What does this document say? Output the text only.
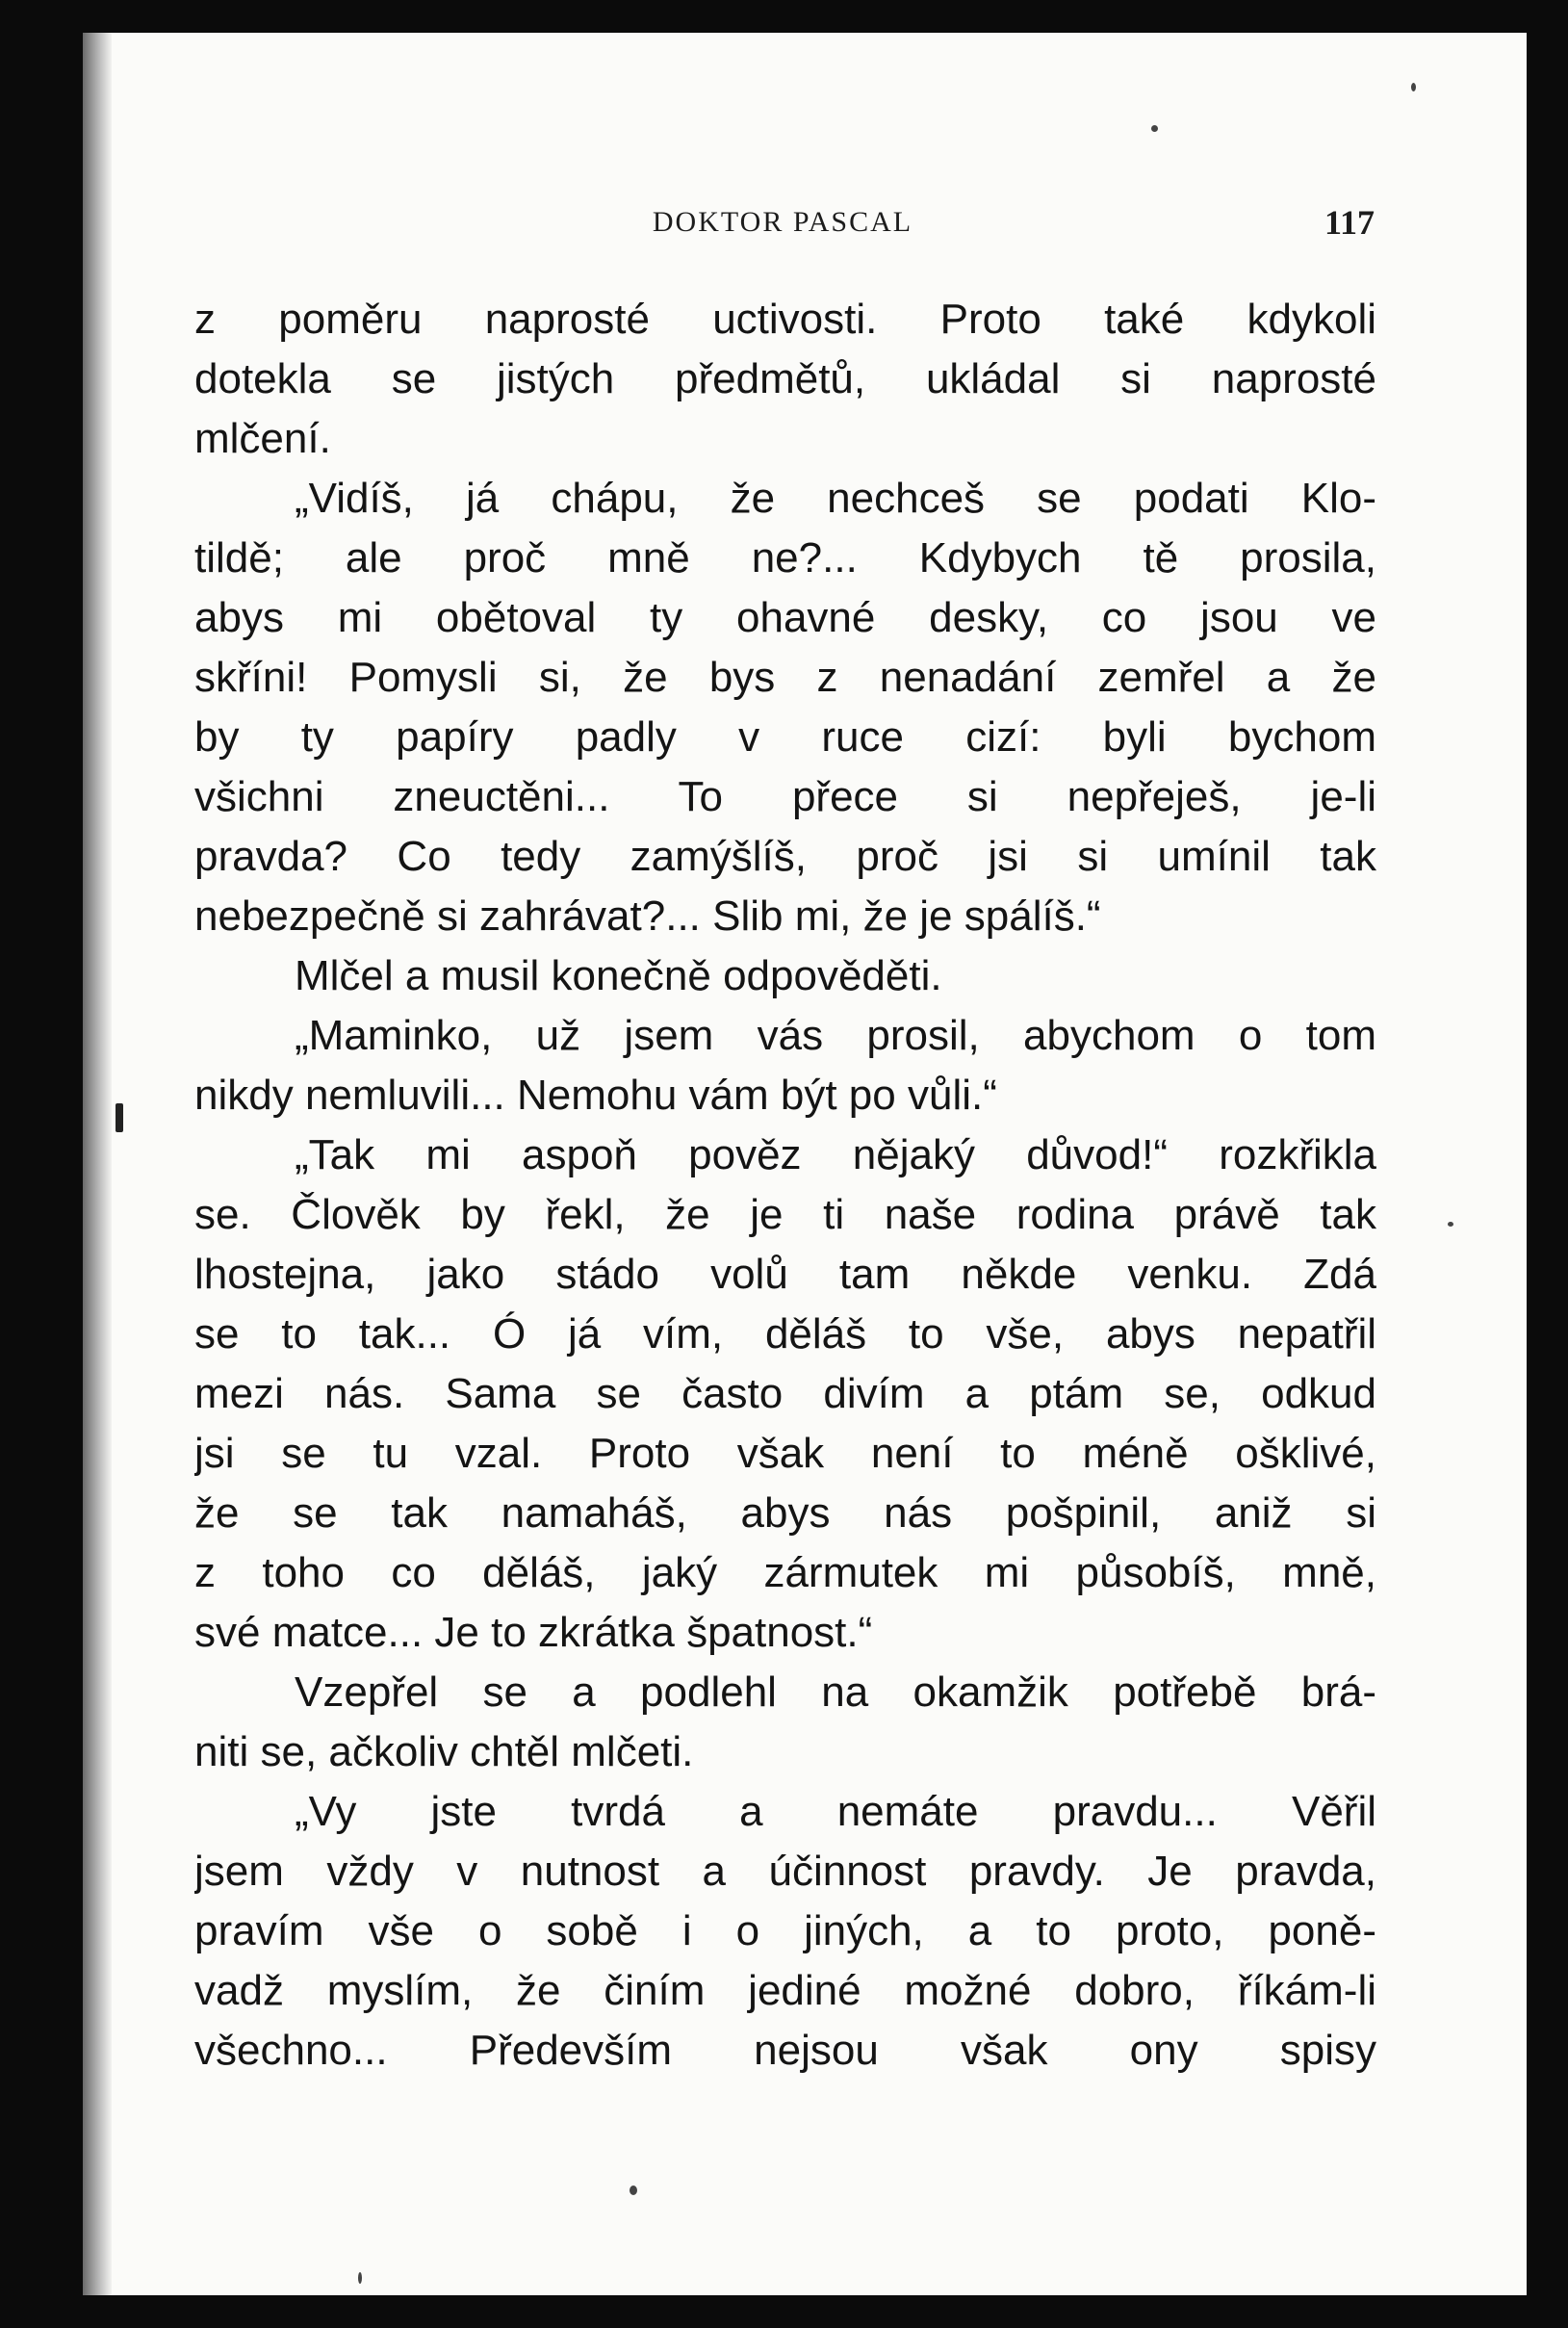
DOKTOR PASCAL	117
z poměru naprosté uctivosti. Proto také kdykoli
dotekla se jistých předmětů, ukládal si naprosté
mlčení.
„Vidíš, já chápu, že nechceš se podati Klo-
tildě; ale proč mně ne?... Kdybych tě prosila,
abys mi obětoval ty ohavné desky, co jsou ve
skříni! Pomysli si, že bys z nenadání zemřel a že
by ty papíry padly v ruce cizí: byli bychom
všichni zneuctěni... To přece si nepřeješ, je-li
pravda? Co tedy zamýšlíš, proč jsi si umínil tak
nebezpečně si zahrávat?... Slib mi, že je spálíš.“
Mlčel a musil konečně odpověděti.
„Maminko, už jsem vás prosil, abychom o tom
nikdy nemluvili... Nemohu vám být po vůli.“
„Tak mi aspoň pověz nějaký důvod!“ rozkřikla
se. Člověk by řekl, že je ti naše rodina právě tak
lhostejna, jako stádo volů tam někde venku. Zdá
se to tak... Ó já vím, děláš to vše, abys nepatřil
mezi nás. Sama se často divím a ptám se, odkud
jsi se tu vzal. Proto však není to méně ošklivé,
že se tak namaháš, abys nás pošpinil, aniž si
z toho co děláš, jaký zármutek mi působíš, mně,
své matce... Je to zkrátka špatnost.“
Vzepřel se a podlehl na okamžik potřebě brá-
niti se, ačkoliv chtěl mlčeti.
„Vy jste tvrdá a nemáte pravdu... Věřil
jsem vždy v nutnost a účinnost pravdy. Je pravda,
pravím vše o sobě i o jiných, a to proto, poně-
vadž myslím, že činím jediné možné dobro, říkám-li
všechno... Především nejsou však ony spisy
